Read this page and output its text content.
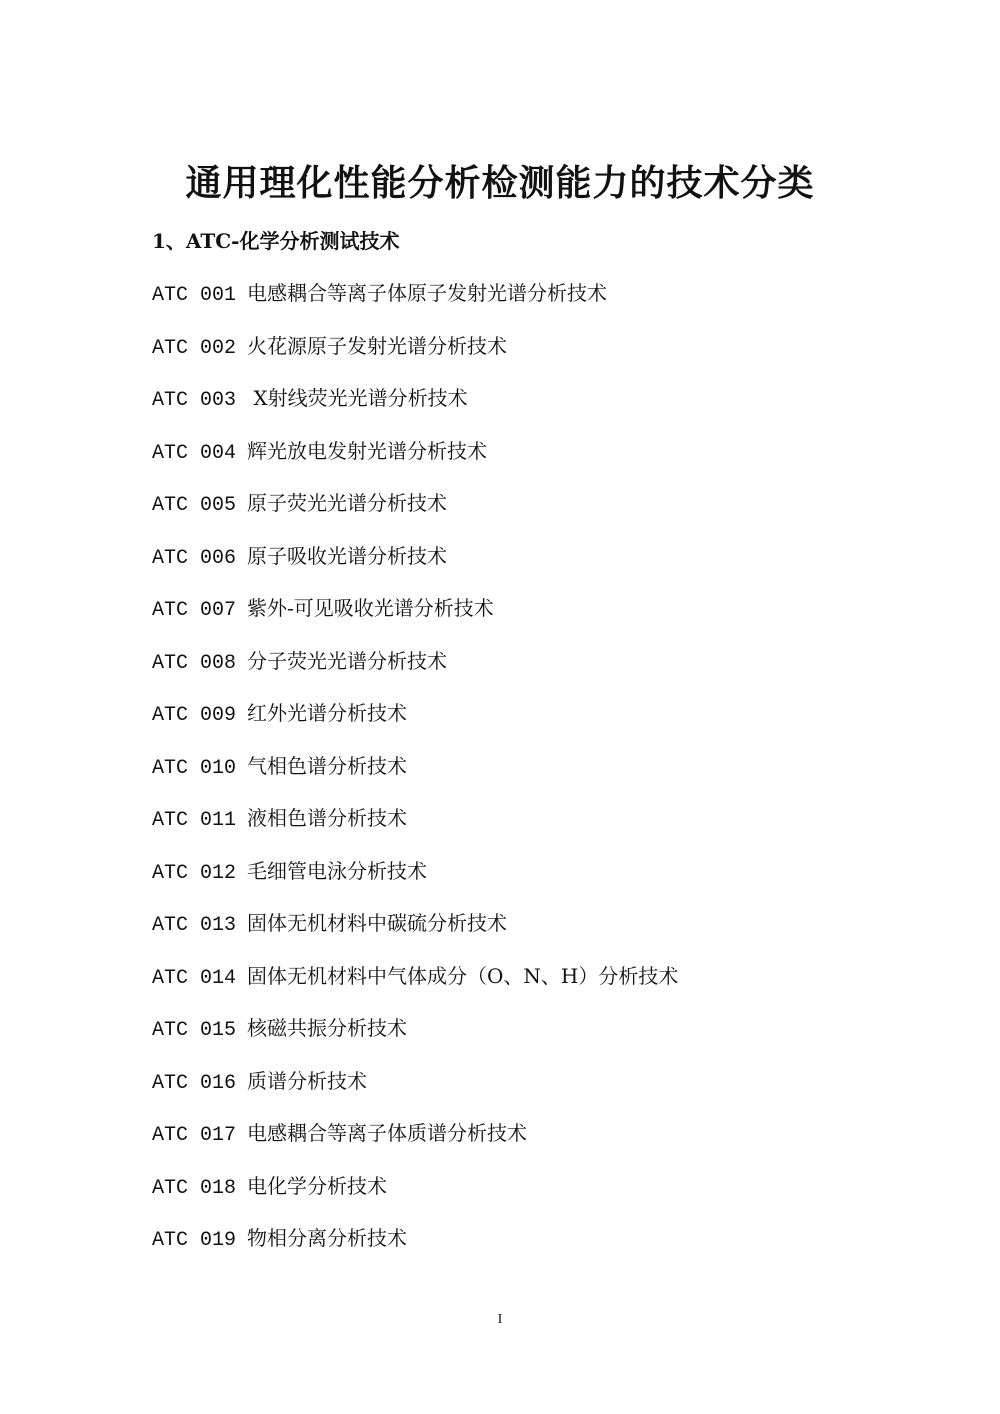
通用理化性能分析检测能力的技术分类
1、ATC-化学分析测试技术
ATC 001 电感耦合等离子体原子发射光谱分析技术
ATC 002 火花源原子发射光谱分析技术
ATC 003 X射线荧光光谱分析技术
ATC 004 辉光放电发射光谱分析技术
ATC 005 原子荧光光谱分析技术
ATC 006 原子吸收光谱分析技术
ATC 007 紫外-可见吸收光谱分析技术
ATC 008 分子荧光光谱分析技术
ATC 009 红外光谱分析技术
ATC 010 气相色谱分析技术
ATC 011 液相色谱分析技术
ATC 012 毛细管电泳分析技术
ATC 013 固体无机材料中碳硫分析技术
ATC 014 固体无机材料中气体成分（O、N、H）分析技术
ATC 015 核磁共振分析技术
ATC 016 质谱分析技术
ATC 017 电感耦合等离子体质谱分析技术
ATC 018 电化学分析技术
ATC 019 物相分离分析技术
I
